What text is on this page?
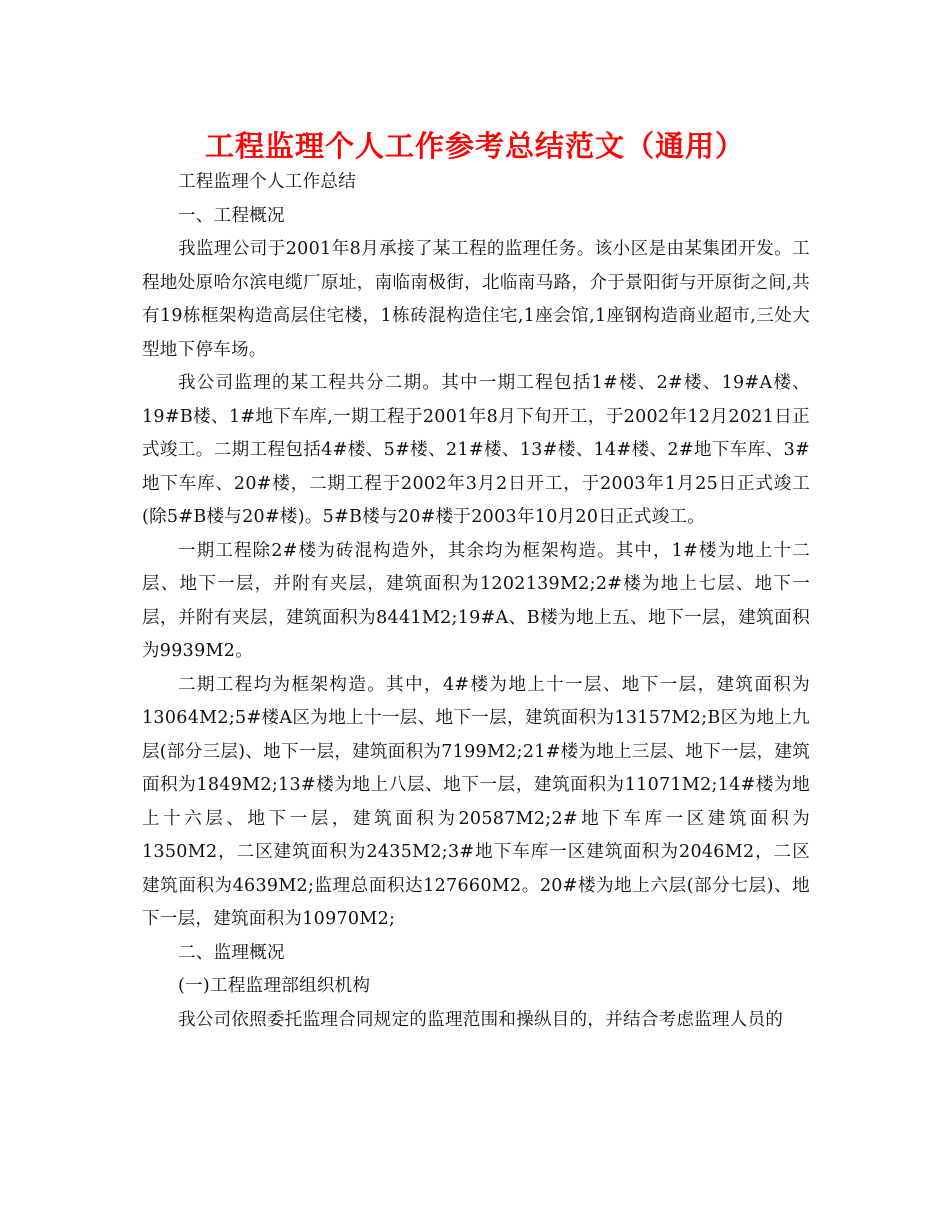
工程监理个人工作参考总结范文（通用）

工程监理个人工作总结

一、工程概况

我监理公司于2001年8月承接了某工程的监理任务。该小区是由某集团开发。工程地处原哈尔滨电缆厂原址，南临南极街，北临南马路，介于景阳街与开原街之间,共有19栋框架构造高层住宅楼，1栋砖混构造住宅,1座会馆,1座钢构造商业超市,三处大型地下停车场。

我公司监理的某工程共分二期。其中一期工程包括1#楼、2#楼、19#A楼、19#B楼、1#地下车库,一期工程于2001年8月下旬开工，于2002年12月2021日正式竣工。二期工程包括4#楼、5#楼、21#楼、13#楼、14#楼、2#地下车库、3#地下车库、20#楼，二期工程于2002年3月2日开工，于2003年1月25日正式竣工(除5#B楼与20#楼)。5#B楼与20#楼于2003年10月20日正式竣工。

一期工程除2#楼为砖混构造外，其余均为框架构造。其中，1#楼为地上十二层、地下一层，并附有夹层，建筑面积为1202139M2;2#楼为地上七层、地下一层，并附有夹层，建筑面积为8441M2;19#A、B楼为地上五、地下一层，建筑面积为9939M2。

二期工程均为框架构造。其中，4#楼为地上十一层、地下一层，建筑面积为13064M2;5#楼A区为地上十一层、地下一层，建筑面积为13157M2;B区为地上九层(部分三层)、地下一层，建筑面积为7199M2;21#楼为地上三层、地下一层，建筑面积为1849M2;13#楼为地上八层、地下一层，建筑面积为11071M2;14#楼为地上十六层、地下一层，建筑面积为20587M2;2#地下车库一区建筑面积为1350M2，二区建筑面积为2435M2;3#地下车库一区建筑面积为2046M2，二区建筑面积为4639M2;监理总面积达127660M2。20#楼为地上六层(部分七层)、地下一层，建筑面积为10970M2;

二、监理概况

(一)工程监理部组织机构

我公司依照委托监理合同规定的监理范围和操纵目的，并结合考虑监理人员的
